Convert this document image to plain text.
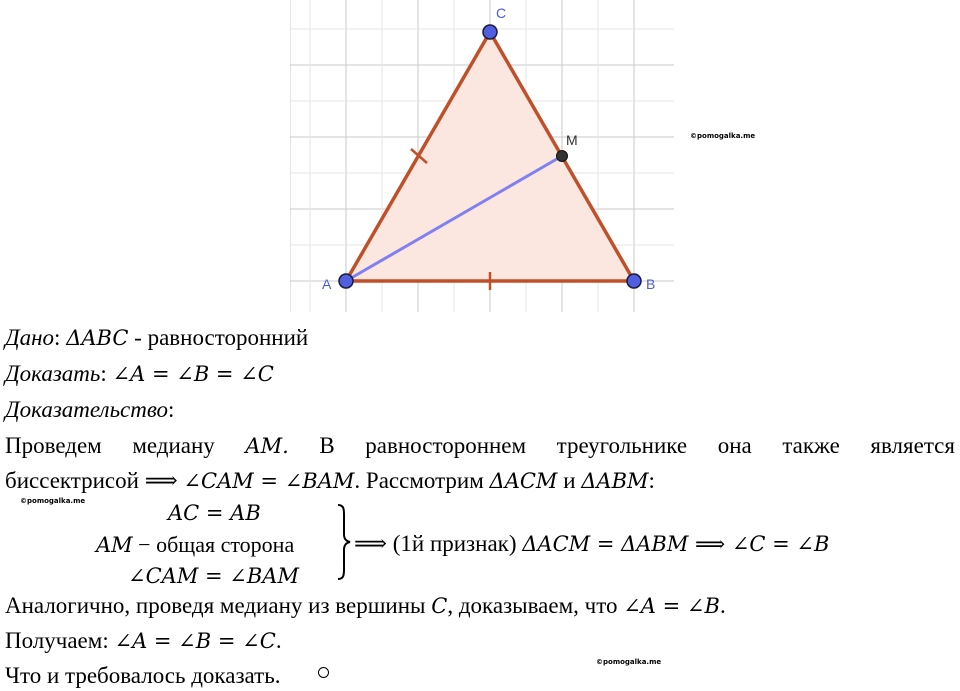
A	B
C
M	©pomogalka.me
©pomogalka.me
©pomogalka.me
Дано: ΔABC - равносторонний
Доказать: ∠A = ∠B = ∠C
Доказательство:
Проведем медиану AM. В равностороннем треугольнике она также является
биссектрисой ⟹ ∠CAM = ∠BAM. Рассмотрим ΔACM и ΔABM:
AC = AB
AM − общая сторона
∠CAM = ∠BAM
⟹ (1й признак) ΔACM = ΔABM ⟹ ∠C = ∠B
Аналогично, проведя медиану из вершины C, доказываем, что ∠A = ∠B.
Получаем: ∠A = ∠B = ∠C.
Что и требовалось доказать.
